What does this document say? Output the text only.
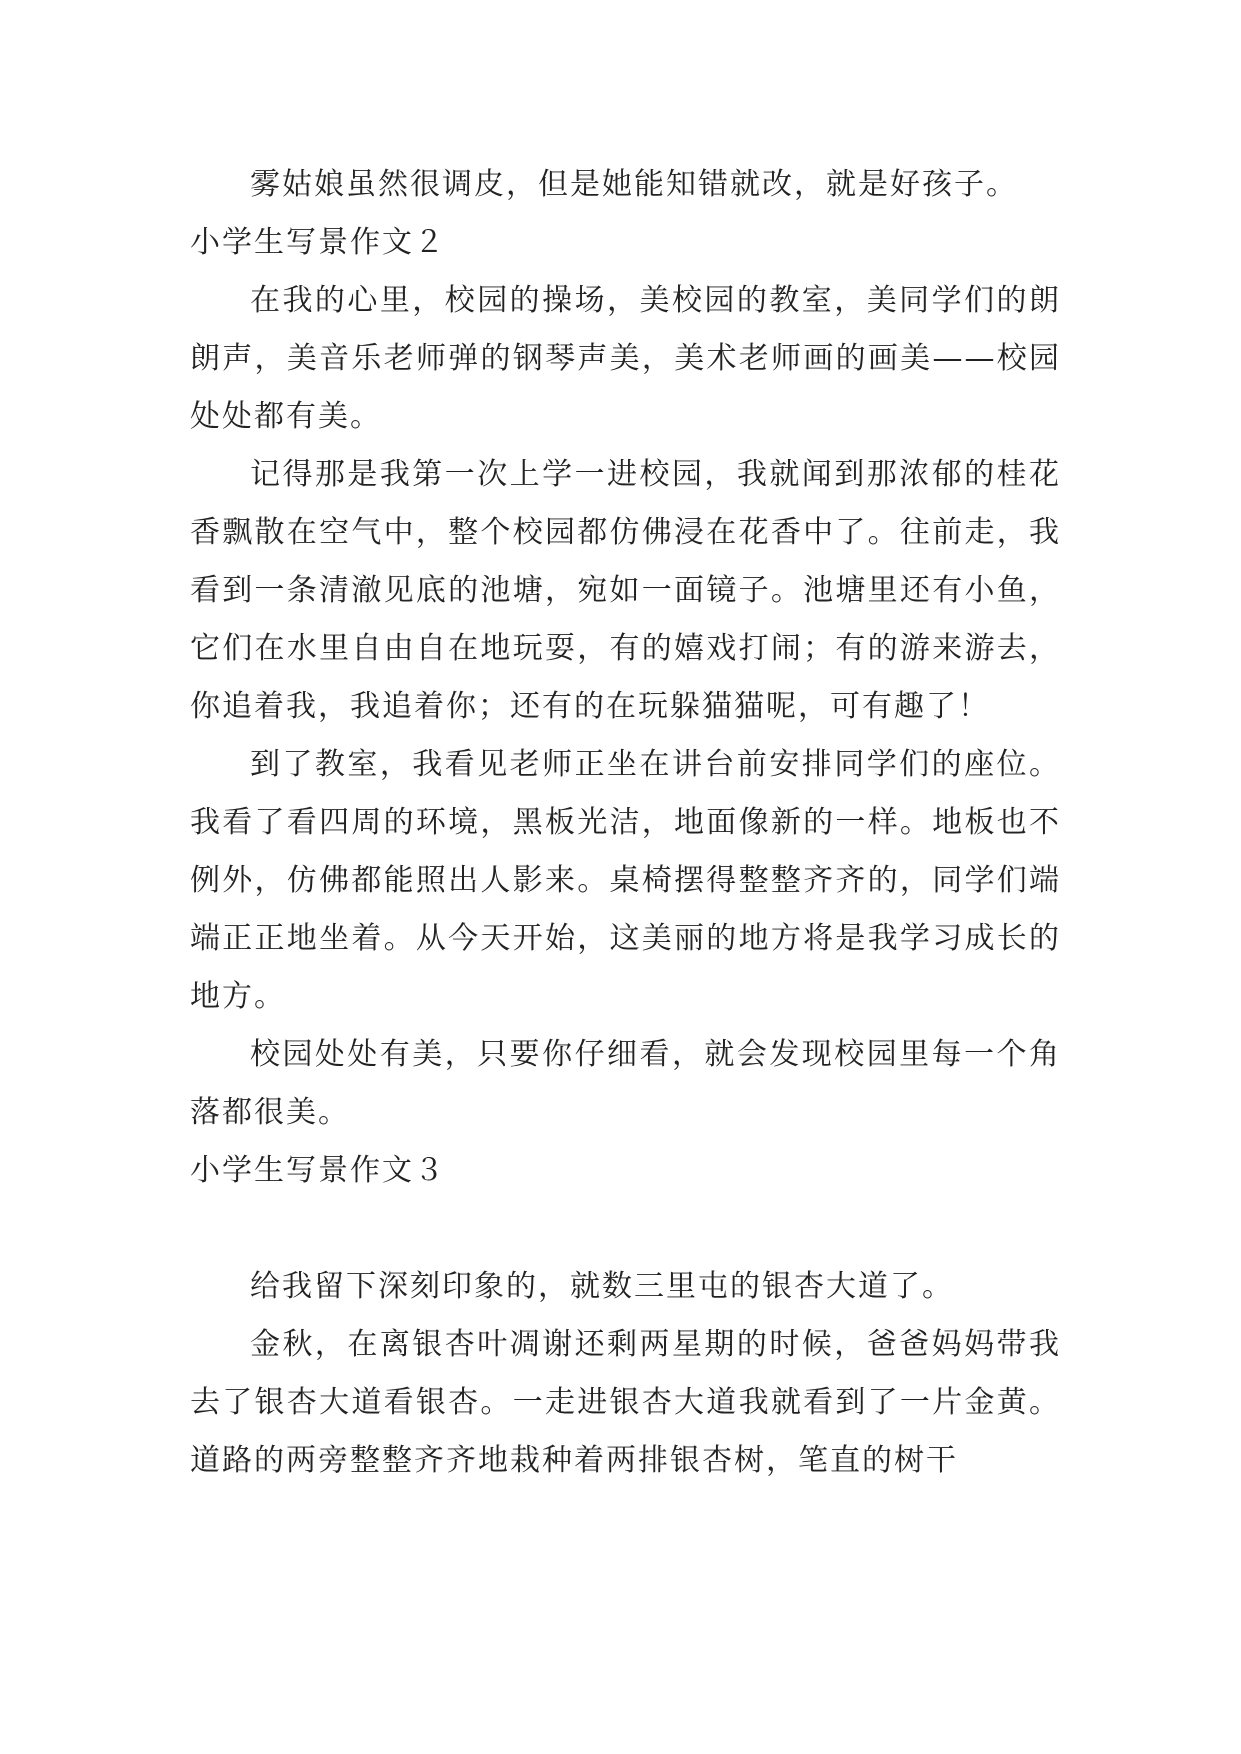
雾姑娘虽然很调皮，但是她能知错就改，就是好孩子。

小学生写景作文２

在我的心里，校园的操场，美校园的教室，美同学们的朗朗声，美音乐老师弹的钢琴声美，美术老师画的画美——校园处处都有美。

记得那是我第一次上学一进校园，我就闻到那浓郁的桂花香飘散在空气中，整个校园都仿佛浸在花香中了。往前走，我看到一条清澈见底的池塘，宛如一面镜子。池塘里还有小鱼，它们在水里自由自在地玩耍，有的嬉戏打闹；有的游来游去，你追着我，我追着你；还有的在玩躲猫猫呢，可有趣了！

到了教室，我看见老师正坐在讲台前安排同学们的座位。我看了看四周的环境，黑板光洁，地面像新的一样。地板也不例外，仿佛都能照出人影来。桌椅摆得整整齐齐的，同学们端端正正地坐着。从今天开始，这美丽的地方将是我学习成长的地方。

校园处处有美，只要你仔细看，就会发现校园里每一个角落都很美。

小学生写景作文３

给我留下深刻印象的，就数三里屯的银杏大道了。

金秋，在离银杏叶凋谢还剩两星期的时候，爸爸妈妈带我去了银杏大道看银杏。一走进银杏大道我就看到了一片金黄。道路的两旁整整齐齐地栽种着两排银杏树，笔直的树干
